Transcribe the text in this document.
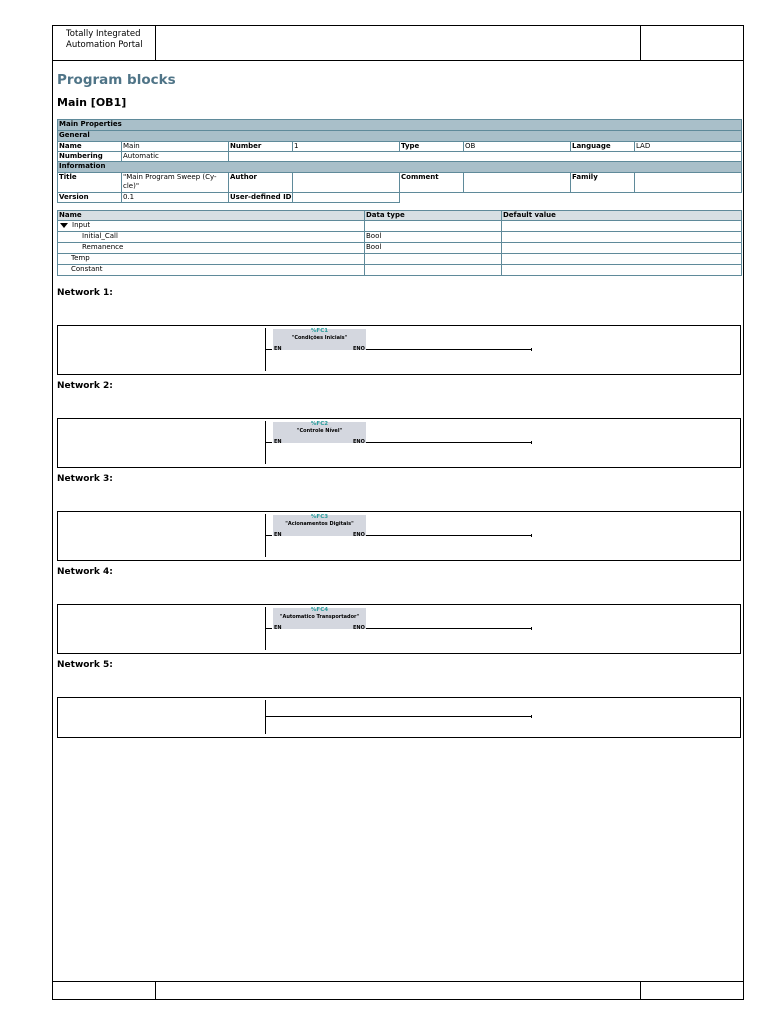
Totally Integrated
Automation Portal
Program blocks
Main [OB1]
Main Properties							
General							
Name	Main	Number	1	Type	OB	Language	LAD
Numbering	Automatic						
Information							
Title	"Main Program Sweep (Cy-cle)"	Author		Comment		Family	
Version	0.1	User-defined ID					
Name	Data type	Default value
Input		
Initial_Call	Bool	
Remanence	Bool	
Temp		
Constant		
Network 1:
%FC1
"Condições Iniciais"
EN	ENO
Network 2:
%FC2
"Controle Nível"
EN	ENO
Network 3:
%FC3
"Acionamentos Digitais"
EN	ENO
Network 4:
%FC4
"Automatico Transportador"
EN	ENO
Network 5:
